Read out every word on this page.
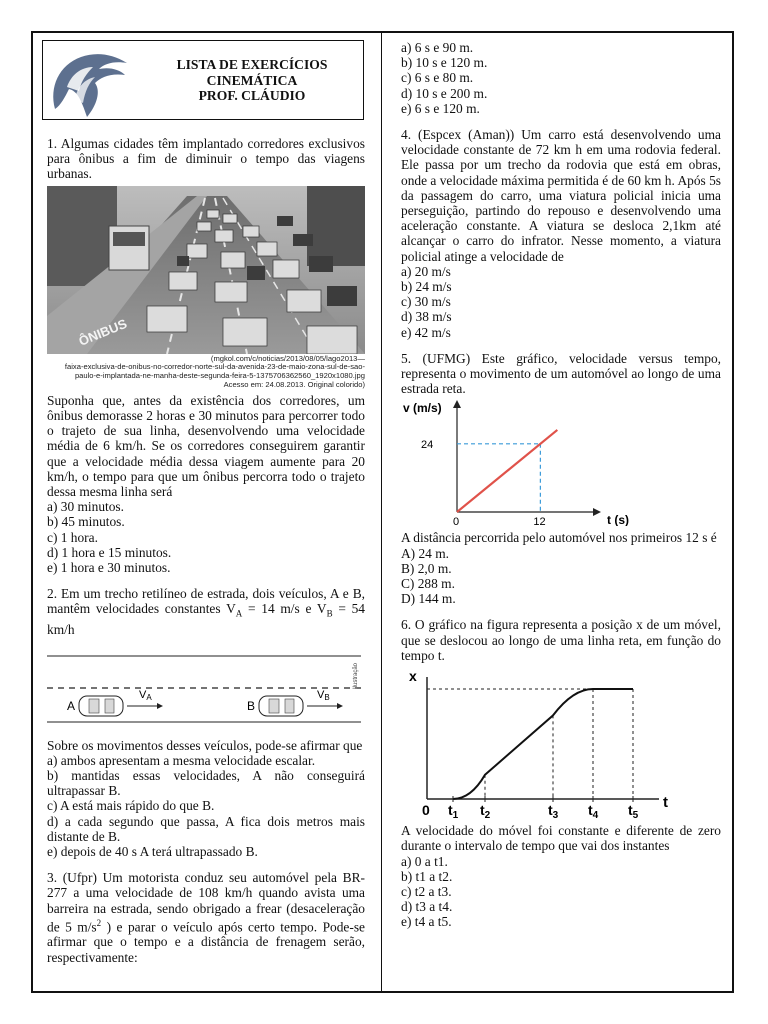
LISTA DE EXERCÍCIOS
CINEMÁTICA
PROF. CLÁUDIO

1. Algumas cidades têm implantado corredores exclusivos para ônibus a fim de diminuir o tempo das viagens urbanas.

ÔNIBUS
(mgkol.com/c/noticias/2013/08/05/lago2013—
faixa-exclusiva-de-onibus-no-corredor-norte-sul-da-avenida-23-de-maio-zona-sul-de-sao-
paulo-e-implantada-ne-manha-deste-segunda-feira-5-1375706362560_1920x1080.jpg
Acesso em: 24.08.2013. Original colorido)

Suponha que, antes da existência dos corredores, um ônibus demorasse 2 horas e 30 minutos para percorrer todo o trajeto de sua linha, desenvolvendo uma velocidade média de 6 km/h. Se os corredores conseguirem garantir que a velocidade média dessa viagem aumente para 20 km/h, o tempo para que um ônibus percorra todo o trajeto dessa mesma linha será

a) 30 minutos.

b) 45 minutos.

c) 1 hora.

d) 1 hora e 15 minutos.

e) 1 hora e 30 minutos.

2. Em um trecho retilíneo de estrada, dois veículos, A e B, mantêm velocidades constantes $V_A = 14$ m/s e $V_B = 54$ km/h

Ilustração
A
VA
B
VB

Sobre os movimentos desses veículos, pode-se afirmar que

a) ambos apresentam a mesma velocidade escalar.

b) mantidas essas velocidades, A não conseguirá ultrapassar B.

c) A está mais rápido do que B.

d) a cada segundo que passa, A fica dois metros mais distante de B.

e) depois de 40 s A terá ultrapassado B.

3. (Ufpr) Um motorista conduz seu automóvel pela BR-277 a uma velocidade de 108 km/h quando avista uma barreira na estrada, sendo obrigado a frear (desaceleração de 5 $m/s^2$ ) e parar o veículo após certo tempo. Pode-se afirmar que o tempo e a distância de frenagem serão, respectivamente:

a) 6 s e 90 m.

b) 10 s e 120 m.

c) 6 s e 80 m.

d) 10 s e 200 m.

e) 6 s e 120 m.

4. (Espcex (Aman)) Um carro está desenvolvendo uma velocidade constante de 72 km h em uma rodovia federal. Ele passa por um trecho da rodovia que está em obras, onde a velocidade máxima permitida é de 60 km h. Após 5s da passagem do carro, uma viatura policial inicia uma perseguição, partindo do repouso e desenvolvendo uma aceleração constante. A viatura se desloca 2,1km até alcançar o carro do infrator. Nesse momento, a viatura policial atinge a velocidade de

a) 20 m/s

b) 24 m/s

c) 30 m/s

d) 38 m/s

e) 42 m/s

5. (UFMG) Este gráfico, velocidade versus tempo, representa o movimento de um automóvel ao longo de uma estrada reta.

v (m/s)
t (s)
24
0	12

A distância percorrida pelo automóvel nos primeiros 12 s é

A) 24 m.

B) 2,0 m.

C) 288 m.

D) 144 m.

6. O gráfico na figura representa a posição x de um móvel, que se deslocou ao longo de uma linha reta, em função do tempo t.

x
t
0 $t_1$ $t_2$	$t_3$ $t_4$ $t_5$

A velocidade do móvel foi constante e diferente de zero durante o intervalo de tempo que vai dos instantes

a) 0 a t1.

b) t1 a t2.

c) t2 a t3.

d) t3 a t4.

e) t4 a t5.
